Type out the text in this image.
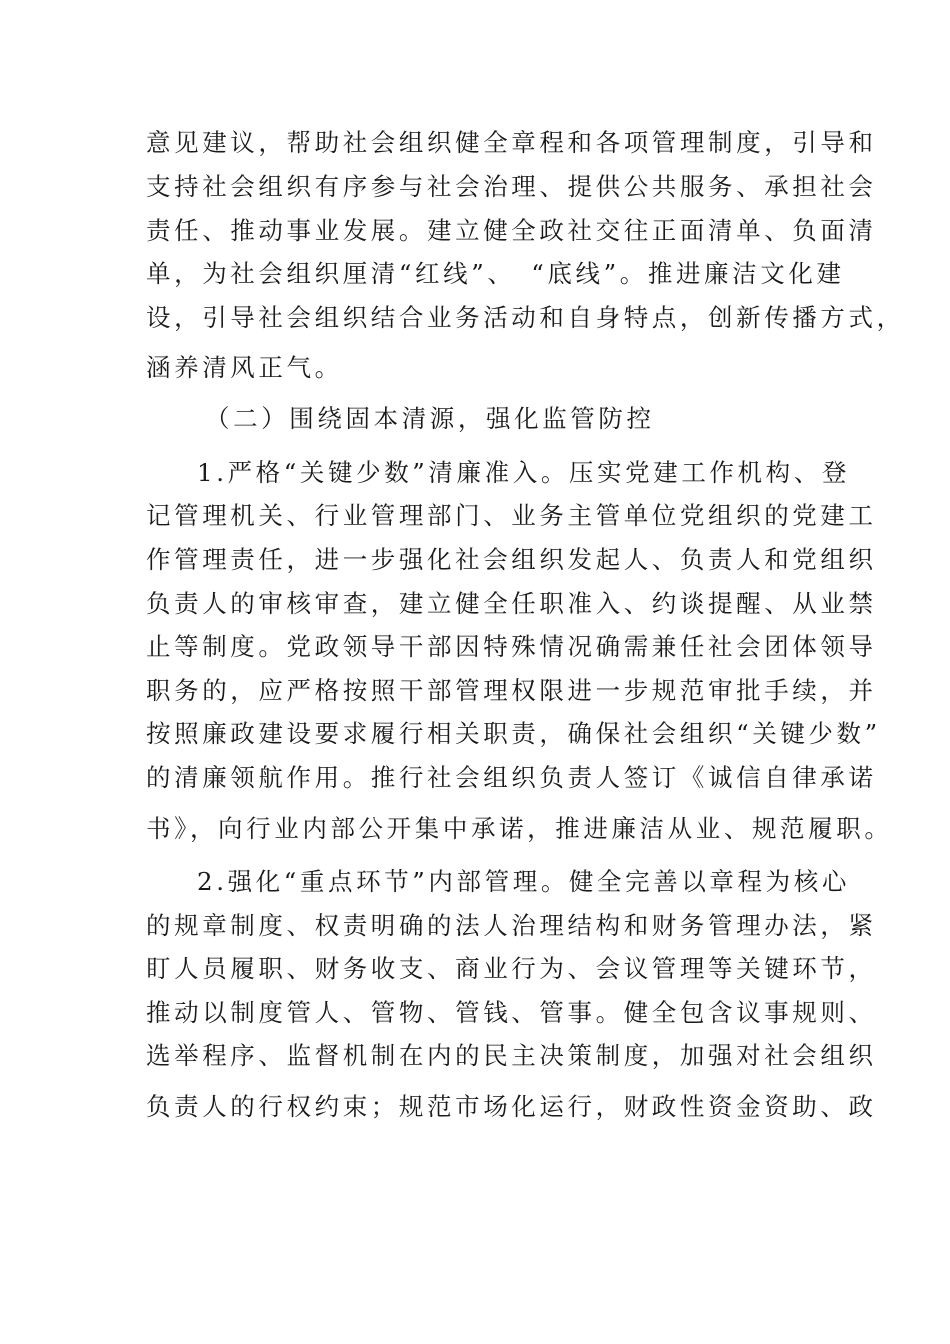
意见建议，帮助社会组织健全章程和各项管理制度，引导和
支持社会组织有序参与社会治理、提供公共服务、承担社会
责任、推动事业发展。建立健全政社交往正面清单、负面清
单，为社会组织厘清“红线”、　“底线”。推进廉洁文化建
设，引导社会组织结合业务活动和自身特点，创新传播方式，
涵养清风正气。
（二）围绕固本清源，强化监管防控
1.严格“关键少数”清廉准入。压实党建工作机构、登
记管理机关、行业管理部门、业务主管单位党组织的党建工
作管理责任，进一步强化社会组织发起人、负责人和党组织
负责人的审核审查，建立健全任职准入、约谈提醒、从业禁
止等制度。党政领导干部因特殊情况确需兼任社会团体领导
职务的，应严格按照干部管理权限进一步规范审批手续，并
按照廉政建设要求履行相关职责，确保社会组织“关键少数”
的清廉领航作用。推行社会组织负责人签订《诚信自律承诺
书》，向行业内部公开集中承诺，推进廉洁从业、规范履职。
2.强化“重点环节”内部管理。健全完善以章程为核心
的规章制度、权责明确的法人治理结构和财务管理办法，紧
盯人员履职、财务收支、商业行为、会议管理等关键环节，
推动以制度管人、管物、管钱、管事。健全包含议事规则、
选举程序、监督机制在内的民主决策制度，加强对社会组织
负责人的行权约束；规范市场化运行，财政性资金资助、政
